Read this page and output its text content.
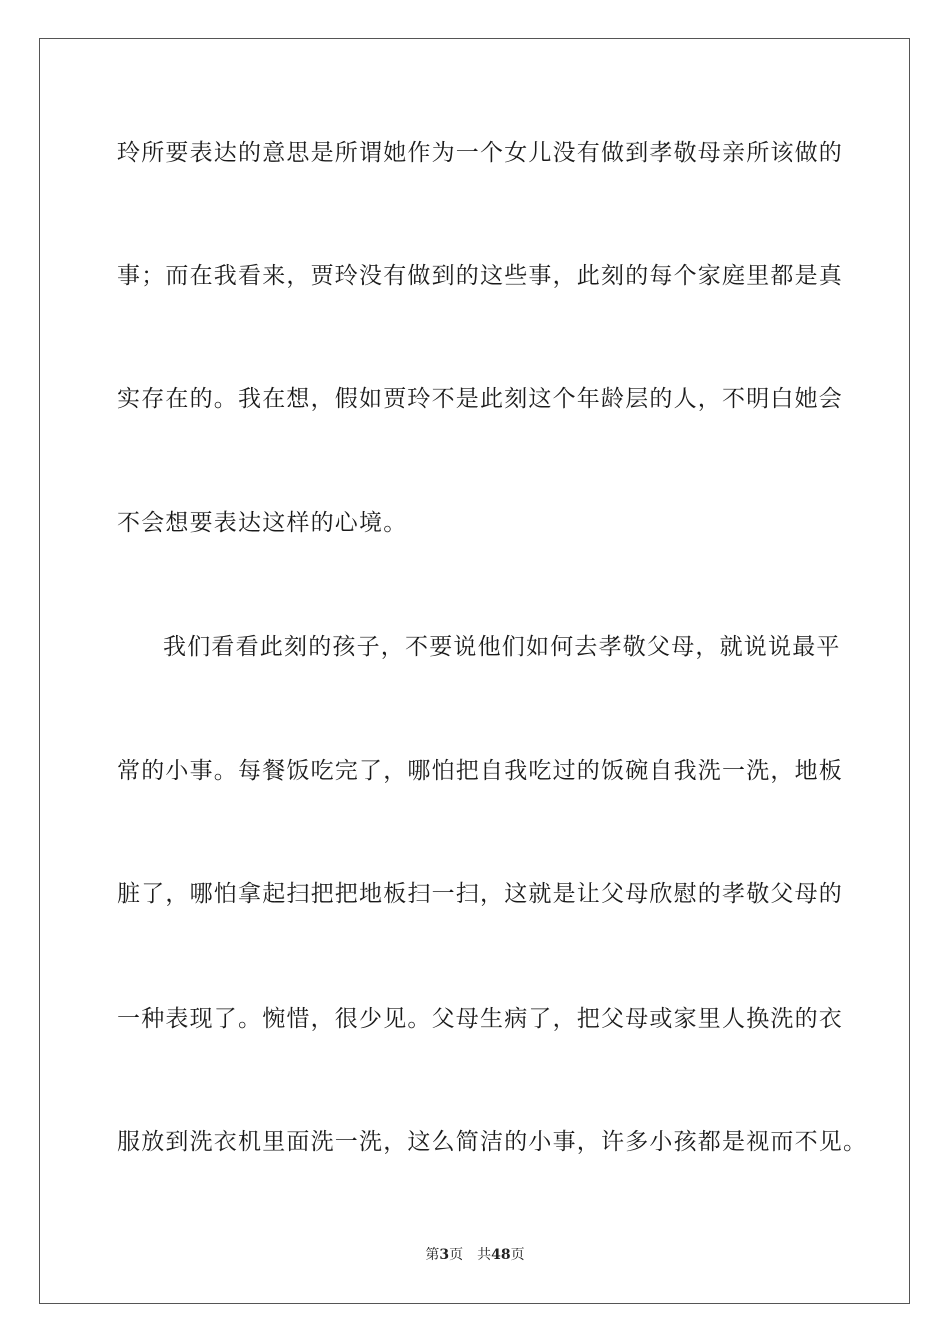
玲所要表达的意思是所谓她作为一个女儿没有做到孝敬母亲所该做的
事；而在我看来，贾玲没有做到的这些事，此刻的每个家庭里都是真
实存在的。我在想，假如贾玲不是此刻这个年龄层的人，不明白她会
不会想要表达这样的心境。
我们看看此刻的孩子，不要说他们如何去孝敬父母，就说说最平
常的小事。每餐饭吃完了，哪怕把自我吃过的饭碗自我洗一洗，地板
脏了，哪怕拿起扫把把地板扫一扫，这就是让父母欣慰的孝敬父母的
一种表现了。惋惜，很少见。父母生病了，把父母或家里人换洗的衣
服放到洗衣机里面洗一洗，这么简洁的小事，许多小孩都是视而不见。
第3页 共48页
